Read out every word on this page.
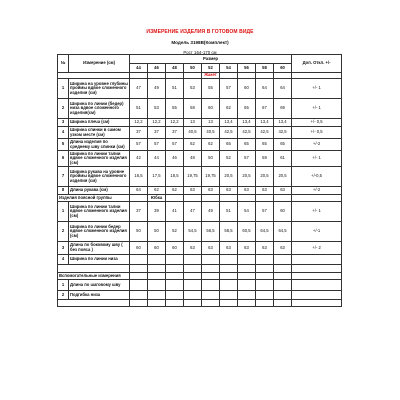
ИЗМЕРЕНИЕ ИЗДЕЛИЯ В ГОТОВОМ ВИДЕ
Модель 3198В(Комплект)
Рост 164-170 см
№	Измерение (см)	Размер									Доп. Откл. +/-
		44	46	48	50	52	54	56	58	60	
						Жакет					
1	Ширина на уровне глубины проймы вдвое сложенного изделия (см)	47	49	51	53	55	57	60	64	64	+/- 1
2	Ширина по линии (бедер) низа вдвое сложенного изделия(см)	51	53	55	58	60	62	65	67	69	+/- 1
3	Ширина плеча (см)	12,2	12,2	12,2	13	13	13,4	13,4	13,4	13,4	+/- 0,5
4	Ширина спинки в самом узком месте (см)	37	37	37	40,5	40,5	42,5	42,5	42,5	42,5	+/- 0,5
5	Длина изделия по среднему шву спинки (см)	57	57	57	62	62	65	65	65	65	+/-2
6	Ширина по линии талии вдвое сложенного изделия (см)	42	44	46	48	50	52	57	59	61	+/- 1
7	Ширина рукава на уровне проймы вдвое сложенного изделия (см)	16,5	17,5	18,5	19,75	19,75	20,5	20,5	20,5	20,5	+/-0,5
8	Длина рукава (см)	64	62	62	63	63	63	63	63	63	+/-2
Изделия поясной группы			Юбка								
1	Ширина по линии талии вдвое сложенного изделия (см)	37	39	41	47	49	51	54	57	60	+/- 1
2	Ширина по линии бедер вдвое сложенного изделия (см)	50	50	52	54,5	56,5	58,5	60,5	64,5	64,5	+/-1
3	Длина по боковому шву ( без пояса )	60	60	60	63	63	63	63	63	63	+/- 2
4	Ширина по линии низа										

Вспомогательные измерения											
1	Длина по шаговому шву										
2	Подгибка низа										
